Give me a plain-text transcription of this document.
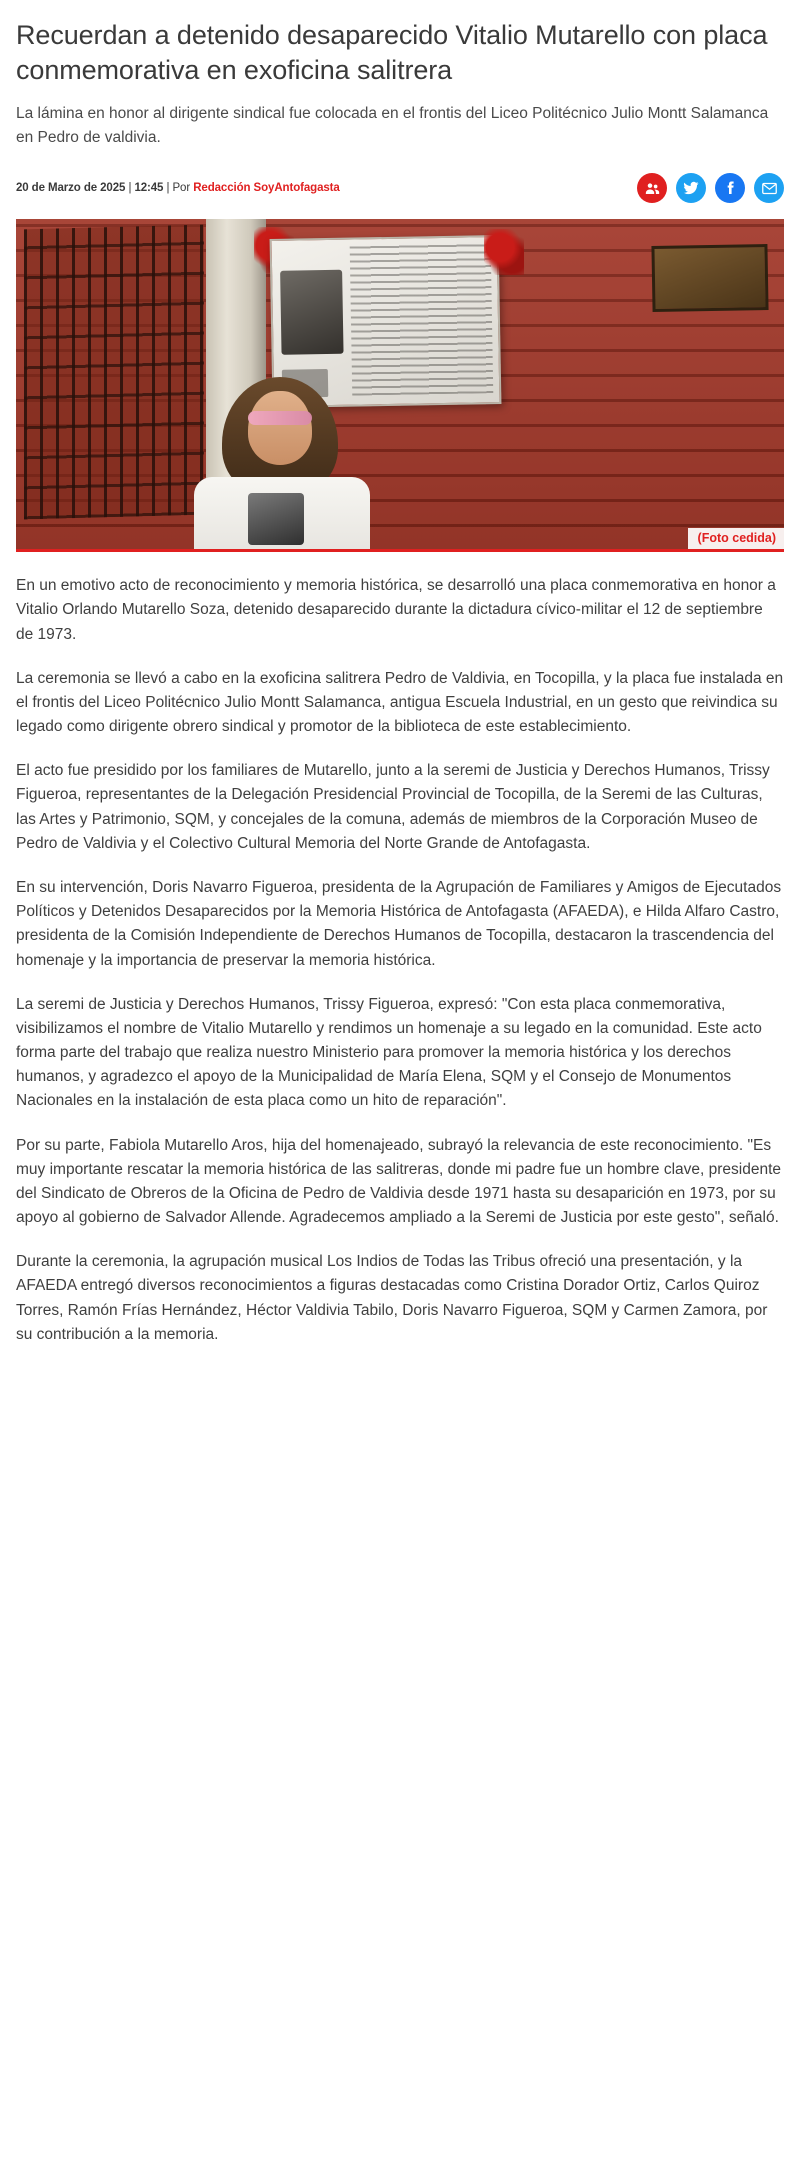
Recuerdan a detenido desaparecido Vitalio Mutarello con placa conmemorativa en exoficina salitrera

La lámina en honor al dirigente sindical fue colocada en el frontis del Liceo Politécnico Julio Montt Salamanca en Pedro de valdivia.

20 de Marzo de 2025 | 12:45 | Por Redacción SoyAntofagasta
(Foto cedida)

En un emotivo acto de reconocimiento y memoria histórica, se desarrolló una placa conmemorativa en honor a Vitalio Orlando Mutarello Soza, detenido desaparecido durante la dictadura cívico-militar el 12 de septiembre de 1973.

La ceremonia se llevó a cabo en la exoficina salitrera Pedro de Valdivia, en Tocopilla, y la placa fue instalada en el frontis del Liceo Politécnico Julio Montt Salamanca, antigua Escuela Industrial, en un gesto que reivindica su legado como dirigente obrero sindical y promotor de la biblioteca de este establecimiento.

El acto fue presidido por los familiares de Mutarello, junto a la seremi de Justicia y Derechos Humanos, Trissy Figueroa, representantes de la Delegación Presidencial Provincial de Tocopilla, de la Seremi de las Culturas, las Artes y Patrimonio, SQM, y concejales de la comuna, además de miembros de la Corporación Museo de Pedro de Valdivia y el Colectivo Cultural Memoria del Norte Grande de Antofagasta.

En su intervención, Doris Navarro Figueroa, presidenta de la Agrupación de Familiares y Amigos de Ejecutados Políticos y Detenidos Desaparecidos por la Memoria Histórica de Antofagasta (AFAEDA), e Hilda Alfaro Castro, presidenta de la Comisión Independiente de Derechos Humanos de Tocopilla, destacaron la trascendencia del homenaje y la importancia de preservar la memoria histórica.

La seremi de Justicia y Derechos Humanos, Trissy Figueroa, expresó: "Con esta placa conmemorativa, visibilizamos el nombre de Vitalio Mutarello y rendimos un homenaje a su legado en la comunidad. Este acto forma parte del trabajo que realiza nuestro Ministerio para promover la memoria histórica y los derechos humanos, y agradezco el apoyo de la Municipalidad de María Elena, SQM y el Consejo de Monumentos Nacionales en la instalación de esta placa como un hito de reparación".

Por su parte, Fabiola Mutarello Aros, hija del homenajeado, subrayó la relevancia de este reconocimiento. "Es muy importante rescatar la memoria histórica de las salitreras, donde mi padre fue un hombre clave, presidente del Sindicato de Obreros de la Oficina de Pedro de Valdivia desde 1971 hasta su desaparición en 1973, por su apoyo al gobierno de Salvador Allende. Agradecemos ampliado a la Seremi de Justicia por este gesto", señaló.

Durante la ceremonia, la agrupación musical Los Indios de Todas las Tribus ofreció una presentación, y la AFAEDA entregó diversos reconocimientos a figuras destacadas como Cristina Dorador Ortiz, Carlos Quiroz Torres, Ramón Frías Hernández, Héctor Valdivia Tabilo, Doris Navarro Figueroa, SQM y Carmen Zamora, por su contribución a la memoria.
